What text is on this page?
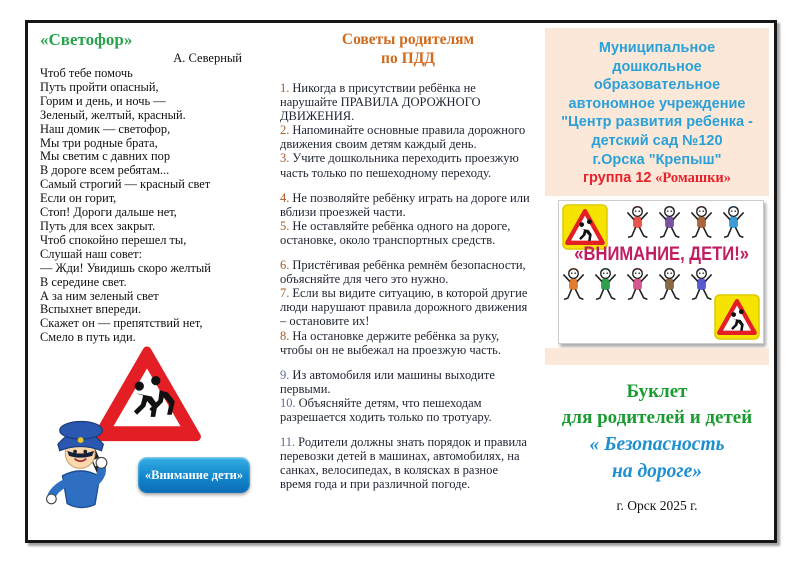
«Светофор»
А. Северный
Чтоб тебе помочь
Путь пройти опасный,
Горим и день, и ночь —
Зеленый, желтый, красный.
Наш домик — светофор,
Мы три родные брата,
Мы светим с давних пор
В дороге всем ребятам...
Самый строгий — красный свет
Если он горит,
Стоп! Дороги дальше нет,
Путь для всех закрыт.
Чтоб спокойно перешел ты,
Слушай наш совет:
— Жди! Увидишь скоро желтый
В середине свет.
А за ним зеленый свет
Вспыхнет впереди.
Скажет он — препятствий нет,
Смело в путь иди.
«Внимание дети»
Советы родителям
по ПДД

1. Никогда в присутствии ребёнка не нарушайте ПРАВИЛА ДОРОЖНОГО ДВИЖЕНИЯ.

2. Напоминайте основные правила дорожного движения своим детям каждый день.

3. Учите дошкольника переходить проезжую часть только по пешеходному переходу.

4. Не позволяйте ребёнку играть на дороге или вблизи проезжей части.

5. Не оставляйте ребёнка одного на дороге, остановке, около транспортных средств.

6. Пристёгивая ребёнка ремнём безопасности, объясняйте для чего это нужно.

7. Если вы видите ситуацию, в которой другие люди нарушают правила дорожного движения – остановите их!

8. На остановке держите ребёнка за руку, чтобы он не выбежал на проезжую часть.

9. Из автомобиля или машины выходите первыми.

10. Объясняйте детям, что пешеходам разрешается ходить только по тротуару.

11. Родители должны знать порядок и правила перевозки детей в машинах, автомобилях, на санках, велосипедах, в колясках в разное время года и при различной погоде.

Муниципальное
дошкольное
образовательное
автономное учреждение
"Центр развития ребенка -
детский сад №120
г.Орска "Крепыш"
группа 12 «Ромашки»
«ВНИМАНИЕ, ДЕТИ!»
Буклет
для родителей и детей
« Безопасность
на дороге»
г. Орск 2025 г.
